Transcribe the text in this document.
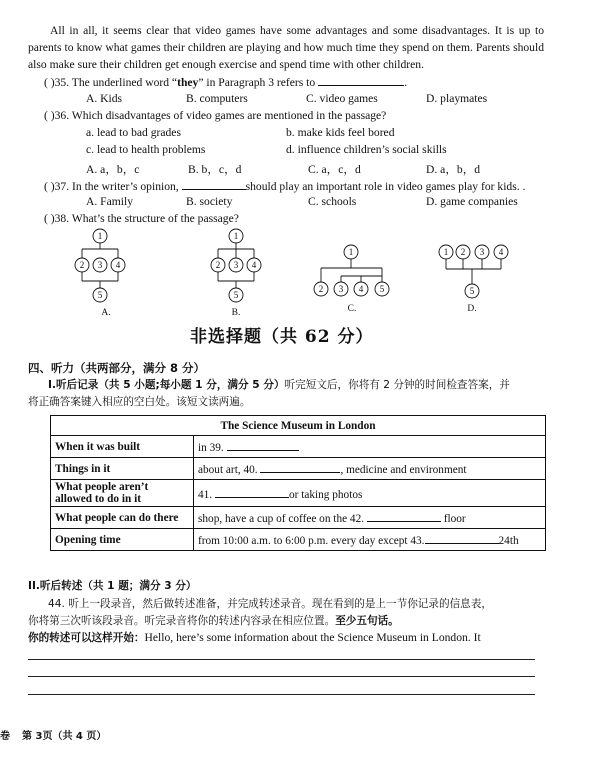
All in all, it seems clear that video games have some advantages and some disadvantages. It is up to parents to know what games their children are playing and how much time they spend on them. Parents should also make sure their children get enough exercise and spend time with other children.
( )35. The underlined word “they” in Paragraph 3 refers to	.
A. Kids	B. computers	C. video games	D. playmates
( )36. Which disadvantages of video games are mentioned in the passage?
a. lead to bad grades	b. make kids feel bored
c. lead to health problems	d. influence children’s social skills
A. a，b，c	B. b，c，d	C. a，c，d	D. a，b，d
( )37. In the writer’s opinion,	should play an important role in video games play for kids. .
A. Family	B. society	C. schools	D. game companies
( )38. What’s the structure of the passage?
1
2 3 4
5
A.
1
2 3 4
5
B.
1
2 3 4 5
C.
1 2 3 4
5
D.
非选择题（共 62 分）
四、听力（共两部分，满分 8 分）
I.听后记录（共 5 小题;每小题 1 分，满分 5 分）听完短文后，你将有 2 分钟的时间检查答案，并
将正确答案键入相应的空白处。该短文读两遍。
The Science Museum in London	
When it was built	in 39.
Things in it	about art, 40. , medicine and environment
What people aren’t
allowed to do in it	41. or taking photos
What people can do there	shop, have a cup of coffee on the 42. floor
Opening time	from 10:00 a.m. to 6:00 p.m. every day except 43. 24th
II.听后转述（共 1 题；满分 3 分）
44. 听上一段录音，然后做转述准备，并完成转述录音。现在看到的是上一节你记录的信息表，
你将第三次听该段录音。听完录音将你的转述内容录在相应位置。至少五句话。
你的转述可以这样开始：Hello, here’s some information about the Science Museum in London. It
卷 第 3页（共 4 页）
